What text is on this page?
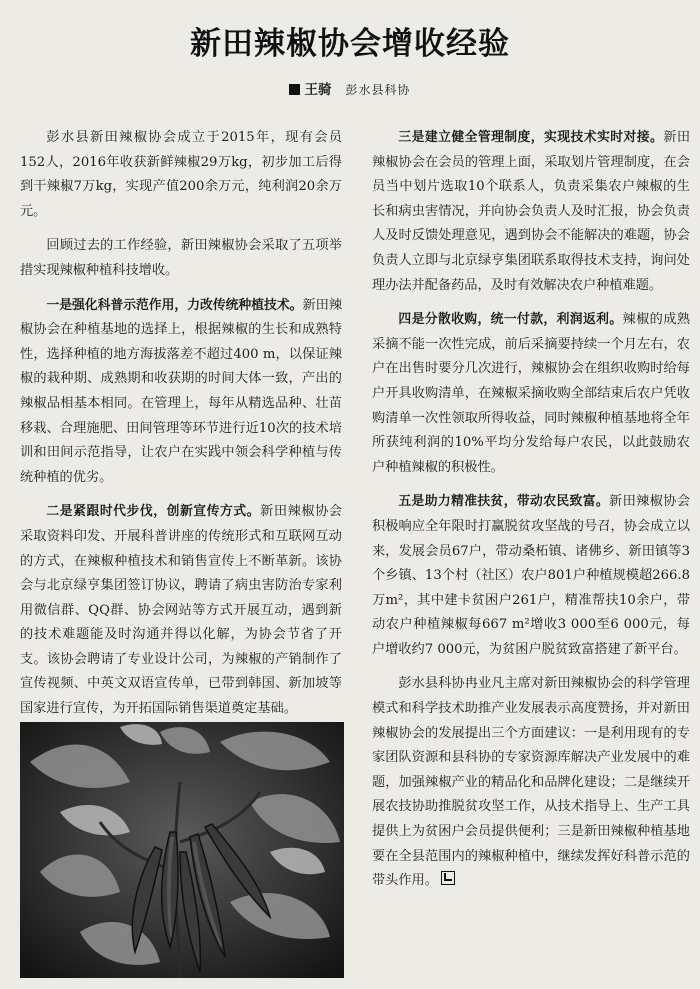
新田辣椒协会增收经验
王骑 彭水县科协

彭水县新田辣椒协会成立于2015年，现有会员152人，2016年收获新鲜辣椒29万kg，初步加工后得到干辣椒7万kg，实现产值200余万元，纯利润20余万元。

回顾过去的工作经验，新田辣椒协会采取了五项举措实现辣椒种植科技增收。

一是强化科普示范作用，力改传统种植技术。新田辣椒协会在种植基地的选择上，根据辣椒的生长和成熟特性，选择种植的地方海拔落差不超过400 m，以保证辣椒的栽种期、成熟期和收获期的时间大体一致，产出的辣椒品相基本相同。在管理上，每年从精选品种、壮苗移栽、合理施肥、田间管理等环节进行近10次的技术培训和田间示范指导，让农户在实践中领会科学种植与传统种植的优劣。

二是紧跟时代步伐，创新宣传方式。新田辣椒协会采取资料印发、开展科普讲座的传统形式和互联网互动的方式，在辣椒种植技术和销售宣传上不断革新。该协会与北京绿亨集团签订协议，聘请了病虫害防治专家利用微信群、QQ群、协会网站等方式开展互动，遇到新的技术难题能及时沟通并得以化解，为协会节省了开支。该协会聘请了专业设计公司，为辣椒的产销制作了宣传视频、中英文双语宣传单，已带到韩国、新加坡等国家进行宣传，为开拓国际销售渠道奠定基础。

三是建立健全管理制度，实现技术实时对接。新田辣椒协会在会员的管理上面，采取划片管理制度，在会员当中划片选取10个联系人，负责采集农户辣椒的生长和病虫害情况，并向协会负责人及时汇报，协会负责人及时反馈处理意见，遇到协会不能解决的难题，协会负责人立即与北京绿亨集团联系取得技术支持，询问处理办法并配备药品，及时有效解决农户种植难题。

四是分散收购，统一付款，利润返利。辣椒的成熟采摘不能一次性完成，前后采摘要持续一个月左右，农户在出售时要分几次进行，辣椒协会在组织收购时给每户开具收购清单，在辣椒采摘收购全部结束后农户凭收购清单一次性领取所得收益，同时辣椒种植基地将全年所获纯利润的10%平均分发给每户农民，以此鼓励农户种植辣椒的积极性。

五是助力精准扶贫，带动农民致富。新田辣椒协会积极响应全年限时打赢脱贫攻坚战的号召，协会成立以来，发展会员67户，带动桑柘镇、诸佛乡、新田镇等3个乡镇、13个村（社区）农户801户种植规模超266.8万m²，其中建卡贫困户261户，精准帮扶10余户，带动农户种植辣椒每667 m²增收3 000至6 000元，每户增收约7 000元，为贫困户脱贫致富搭建了新平台。

彭水县科协冉业凡主席对新田辣椒协会的科学管理模式和科学技术助推产业发展表示高度赞扬，并对新田辣椒协会的发展提出三个方面建议：一是利用现有的专家团队资源和县科协的专家资源库解决产业发展中的难题，加强辣椒产业的精品化和品牌化建设；二是继续开展农技协助推脱贫攻坚工作，从技术指导上、生产工具提供上为贫困户会员提供便利；三是新田辣椒种植基地要在全县范围内的辣椒种植中，继续发挥好科普示范的带头作用。
